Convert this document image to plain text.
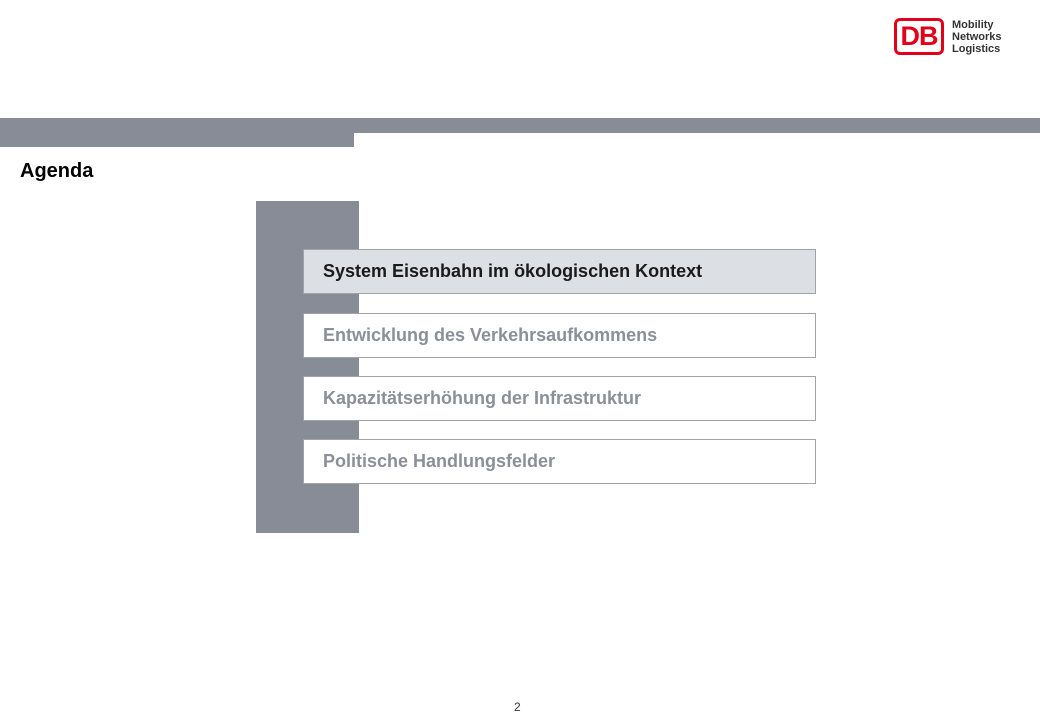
DB	Mobility
Networks
Logistics
Agenda
System Eisenbahn im ökologischen Kontext
Entwicklung des Verkehrsaufkommens
Kapazitätserhöhung der Infrastruktur
Politische Handlungsfelder
2
